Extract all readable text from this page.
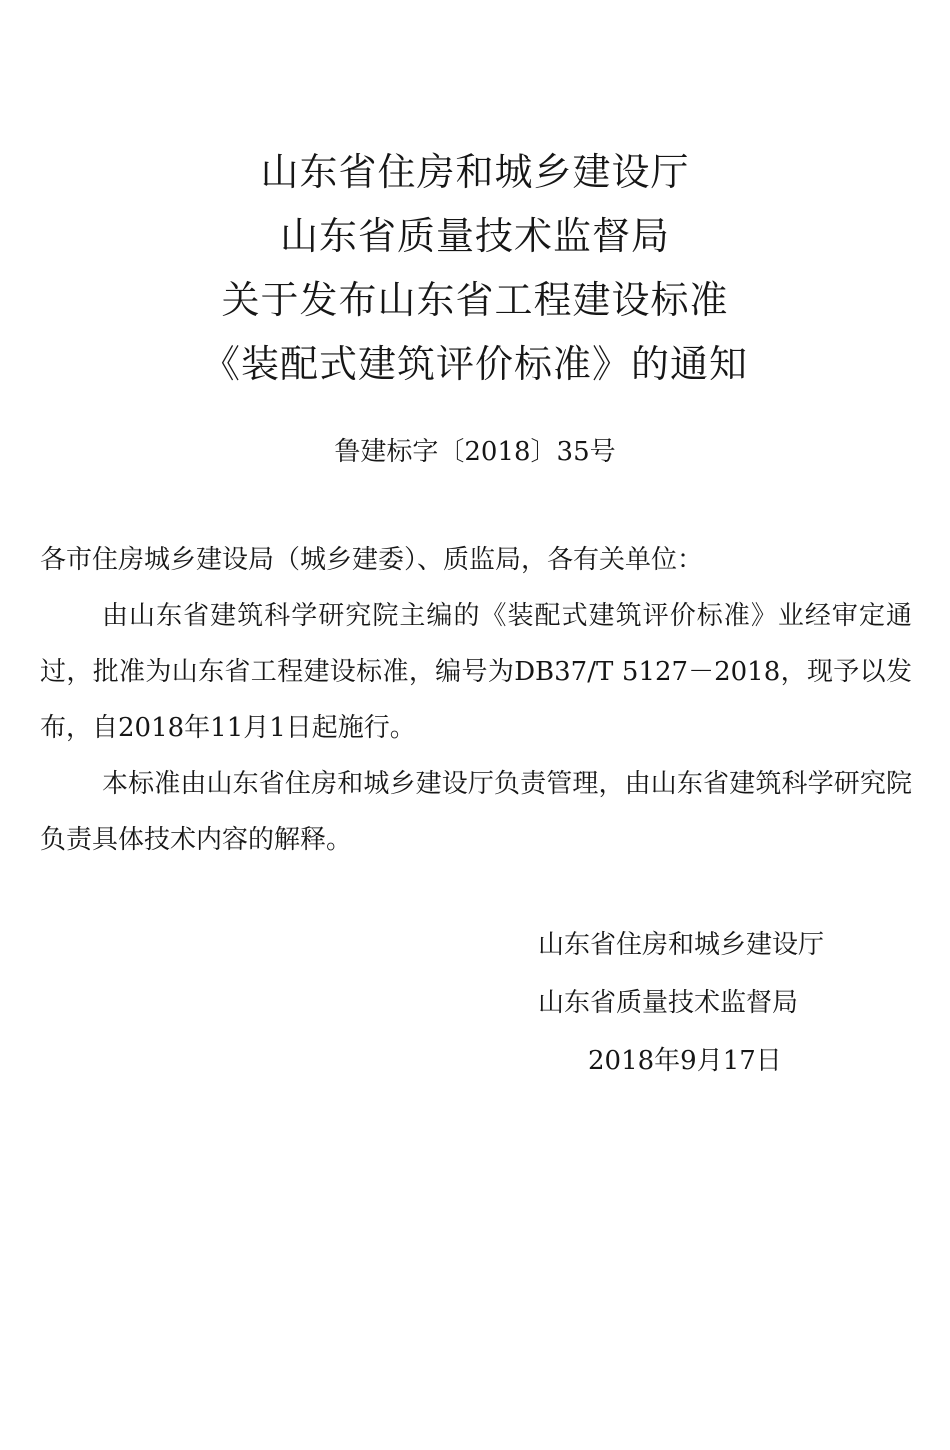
山东省住房和城乡建设厅
山东省质量技术监督局
关于发布山东省工程建设标准
《装配式建筑评价标准》的通知
鲁建标字〔2018〕35号

各市住房城乡建设局（城乡建委）、质监局，各有关单位：

由山东省建筑科学研究院主编的《装配式建筑评价标准》业经审定通过，批准为山东省工程建设标准，编号为DB37/T 5127－2018，现予以发布，自2018年11月1日起施行。

本标准由山东省住房和城乡建设厅负责管理，由山东省建筑科学研究院负责具体技术内容的解释。

山东省住房和城乡建设厅
山东省质量技术监督局
2018年9月17日
